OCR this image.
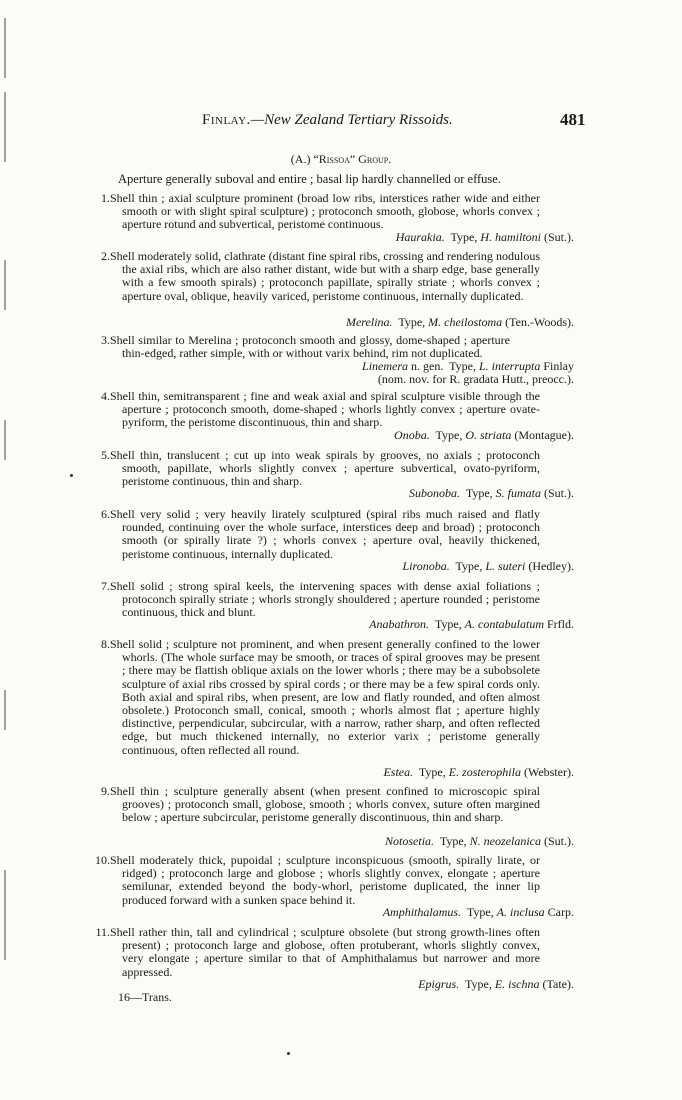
Finlay.—New Zealand Tertiary Rissoids.	481
(A.) “Rissoa” Group.
Aperture generally suboval and entire ; basal lip hardly channelled or effuse.
1. Shell thin ; axial sculpture prominent (broad low ribs, interstices rather wide and either smooth or with slight spiral sculpture) ; protoconch smooth, globose, whorls convex ; aperture rotund and subvertical, peristome continuous.

Haurakia. Type, H. hamiltoni (Sut.).
2. Shell moderately solid, clathrate (distant fine spiral ribs, crossing and rendering nodulous the axial ribs, which are also rather distant, wide but with a sharp edge, base generally with a few smooth spirals) ; protoconch papillate, spirally striate ; whorls convex ; aperture oval, oblique, heavily variced, peristome continuous, internally duplicated.

Merelina. Type, M. cheilostoma (Ten.-Woods).
3. Shell similar to Merelina ; protoconch smooth and glossy, dome-shaped ; aperture thin-edged, rather simple, with or without varix behind, rim not duplicated.

Linemera n. gen. Type, L. interrupta Finlay
(nom. nov. for R. gradata Hutt., preocc.).
4. Shell thin, semitransparent ; fine and weak axial and spiral sculpture visible through the aperture ; protoconch smooth, dome-shaped ; whorls lightly convex ; aperture ovate-pyriform, the peristome discontinuous, thin and sharp.

Onoba. Type, O. striata (Montague).
5. Shell thin, translucent ; cut up into weak spirals by grooves, no axials ; protoconch smooth, papillate, whorls slightly convex ; aperture subvertical, ovato-pyriform, peristome continuous, thin and sharp.

Subonoba. Type, S. fumata (Sut.).
6. Shell very solid ; very heavily lirately sculptured (spiral ribs much raised and flatly rounded, continuing over the whole surface, interstices deep and broad) ; protoconch smooth (or spirally lirate ?) ; whorls convex ; aperture oval, heavily thickened, peristome continuous, internally duplicated.

Lironoba. Type, L. suteri (Hedley).
7. Shell solid ; strong spiral keels, the intervening spaces with dense axial foliations ; protoconch spirally striate ; whorls strongly shouldered ; aperture rounded ; peristome continuous, thick and blunt.

Anabathron. Type, A. contabulatum Frfld.
8. Shell solid ; sculpture not prominent, and when present generally confined to the lower whorls. (The whole surface may be smooth, or traces of spiral grooves may be present ; there may be flattish oblique axials on the lower whorls ; there may be a subobsolete sculpture of axial ribs crossed by spiral cords ; or there may be a few spiral cords only. Both axial and spiral ribs, when present, are low and flatly rounded, and often almost obsolete.) Protoconch small, conical, smooth ; whorls almost flat ; aperture highly distinctive, perpendicular, subcircular, with a narrow, rather sharp, and often reflected edge, but much thickened internally, no exterior varix ; peristome generally continuous, often reflected all round.

Estea. Type, E. zosterophila (Webster).
9. Shell thin ; sculpture generally absent (when present confined to microscopic spiral grooves) ; protoconch small, globose, smooth ; whorls convex, suture often margined below ; aperture subcircular, peristome generally discontinuous, thin and sharp.

Notosetia. Type, N. neozelanica (Sut.).
10. Shell moderately thick, pupoidal ; sculpture inconspicuous (smooth, spirally lirate, or ridged) ; protoconch large and globose ; whorls slightly convex, elongate ; aperture semilunar, extended beyond the body-whorl, peristome duplicated, the inner lip produced forward with a sunken space behind it.

Amphithalamus. Type, A. inclusa Carp.
11. Shell rather thin, tall and cylindrical ; sculpture obsolete (but strong growth-lines often present) ; protoconch large and globose, often protuberant, whorls slightly convex, very elongate ; aperture similar to that of Amphithalamus but narrower and more appressed.

Epigrus. Type, E. ischna (Tate).
16—Trans.
